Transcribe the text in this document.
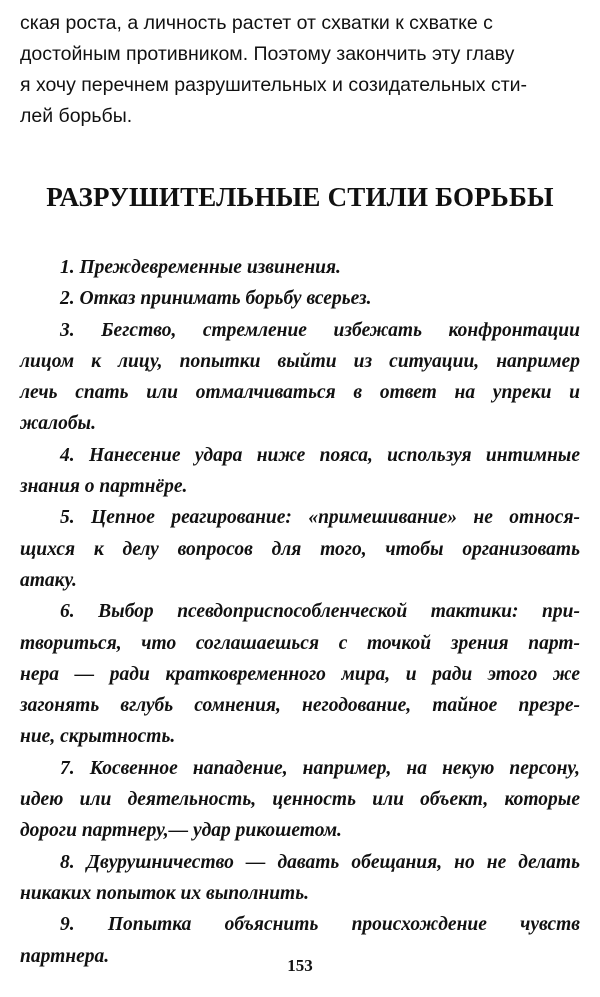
ская роста, а личность растет от схватки к схватке с
достойным противником. Поэтому закончить эту главу
я хочу перечнем разрушительных и созидательных сти-
лей борьбы.

РАЗРУШИТЕЛЬНЫЕ СТИЛИ БОРЬБЫ
1. Преждевременные извинения.
2. Отказ принимать борьбу всерьез.
3. Бегство, стремление избежать конфронтации
лицом к лицу, попытки выйти из ситуации, например
лечь спать или отмалчиваться в ответ на упреки и
жалобы.
4. Нанесение удара ниже пояса, используя интимные
знания о партнёре.
5. Цепное реагирование: «примешивание» не относя-
щихся к делу вопросов для того, чтобы организовать
атаку.
6. Выбор псевдоприспособленческой тактики: при-
твориться, что соглашаешься с точкой зрения парт-
нера — ради кратковременного мира, и ради этого же
загонять вглубь сомнения, негодование, тайное презре-
ние, скрытность.
7. Косвенное нападение, например, на некую персону,
идею или деятельность, ценность или объект, которые
дороги партнеру,— удар рикошетом.
8. Двурушничество — давать обещания, но не делать
никаких попыток их выполнить.
9. Попытка объяснить происхождение чувств
партнера.	153
